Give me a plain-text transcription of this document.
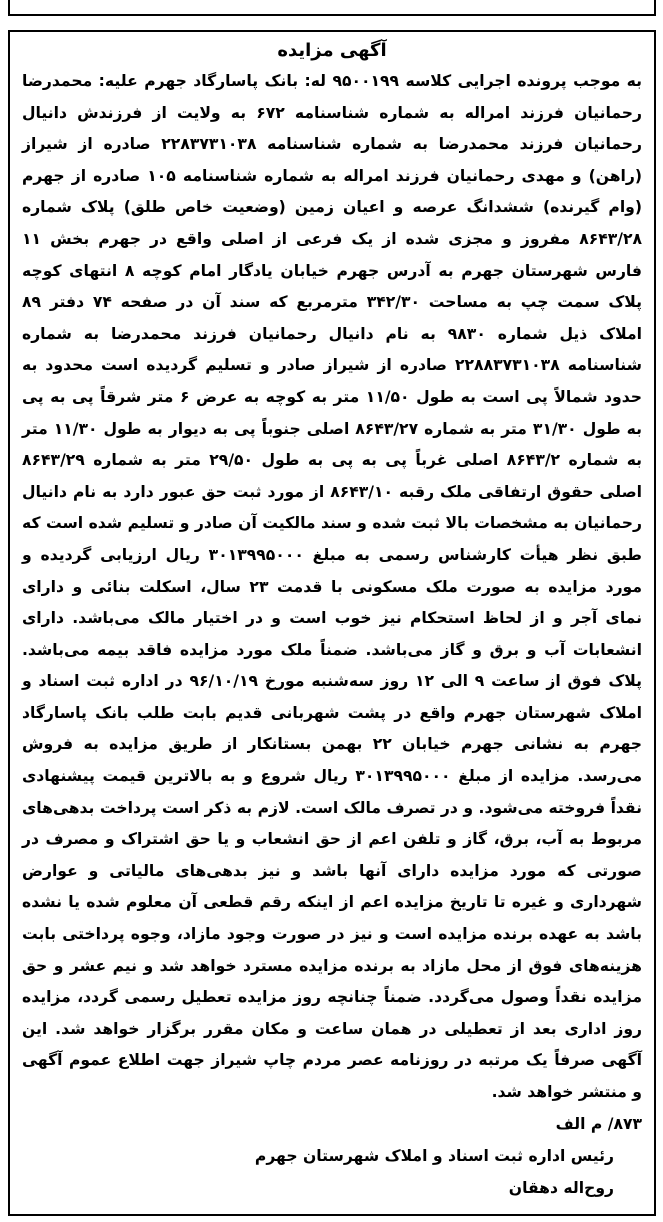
آگهی مزایده

به موجب پرونده اجرایی کلاسه ۹۵۰۰۱۹۹ له: بانک پاسارگاد جهرم علیه: محمدرضا رحمانیان فرزند امراله به شماره شناسنامه ۶۷۲ به ولایت از فرزندش دانیال رحمانیان فرزند محمدرضا به شماره شناسنامه ۲۲۸۳۷۳۱۰۳۸ صادره از شیراز (راهن) و مهدی رحمانیان فرزند امراله به شماره شناسنامه ۱۰۵ صادره از جهرم (وام گیرنده) ششدانگ عرصه و اعیان زمین (وضعیت خاص طلق) پلاک شماره ۸۶۴۳/۲۸ مفروز و مجزی شده از یک فرعی از اصلی واقع در جهرم بخش ۱۱ فارس شهرستان جهرم به آدرس جهرم خیابان یادگار امام کوچه ۸ انتهای کوچه پلاک سمت چپ به مساحت ۳۴۲/۳۰ مترمربع که سند آن در صفحه ۷۴ دفتر ۸۹ املاک ذیل شماره ۹۸۳۰ به نام دانیال رحمانیان فرزند محمدرضا به شماره شناسنامه ۲۲۸۸۳۷۳۱۰۳۸ صادره از شیراز صادر و تسلیم گردیده است محدود به حدود شمالاً پی است به طول ۱۱/۵۰ متر به کوچه به عرض ۶ متر شرقاً پی به پی به طول ۳۱/۳۰ متر به شماره ۸۶۴۳/۲۷ اصلی جنوباً پی به دیوار به طول ۱۱/۳۰ متر به شماره ۸۶۴۳/۲ اصلی غرباً پی به پی به طول ۲۹/۵۰ متر به شماره ۸۶۴۳/۲۹ اصلی حقوق ارتفاقی ملک رقبه ۸۶۴۳/۱۰ از مورد ثبت حق عبور دارد به نام دانیال رحمانیان به مشخصات بالا ثبت شده و سند مالکیت آن صادر و تسلیم شده است که طبق نظر هیأت کارشناس رسمی به مبلغ ۳۰۱۳۹۹۵۰۰۰ ریال ارزیابی گردیده و مورد مزایده به صورت ملک مسکونی با قدمت ۲۳ سال، اسکلت بنائی و دارای نمای آجر و از لحاظ استحکام نیز خوب است و در اختیار مالک می‌باشد. دارای انشعابات آب و برق و گاز می‌باشد. ضمناً ملک مورد مزایده فاقد بیمه می‌باشد. پلاک فوق از ساعت ۹ الی ۱۲ روز سه‌شنبه مورخ ۹۶/۱۰/۱۹ در اداره ثبت اسناد و املاک شهرستان جهرم واقع در پشت شهربانی قدیم بابت طلب بانک پاسارگاد جهرم به نشانی جهرم خیابان ۲۲ بهمن بستانکار از طریق مزایده به فروش می‌رسد. مزایده از مبلغ ۳۰۱۳۹۹۵۰۰۰ ریال شروع و به بالاترین قیمت پیشنهادی نقداً فروخته می‌شود. و در تصرف مالک است. لازم به ذکر است پرداخت بدهی‌های مربوط به آب، برق، گاز و تلفن اعم از حق انشعاب و یا حق اشتراک و مصرف در صورتی که مورد مزایده دارای آنها باشد و نیز بدهی‌های مالیاتی و عوارض شهرداری و غیره تا تاریخ مزایده اعم از اینکه رقم قطعی آن معلوم شده یا نشده باشد به عهده برنده مزایده است و نیز در صورت وجود مازاد، وجوه پرداختی بابت هزینه‌های فوق از محل مازاد به برنده مزایده مسترد خواهد شد و نیم عشر و حق مزایده نقداً وصول می‌گردد. ضمناً چنانچه روز مزایده تعطیل رسمی گردد، مزایده روز اداری بعد از تعطیلی در همان ساعت و مکان مقرر برگزار خواهد شد. این آگهی صرفاً یک مرتبه در روزنامه عصر مردم چاپ شیراز جهت اطلاع عموم آگهی و منتشر خواهد شد.

۸۷۳/ م الف

رئیس اداره ثبت اسناد و املاک شهرستان جهرم

روح‌اله دهقان
